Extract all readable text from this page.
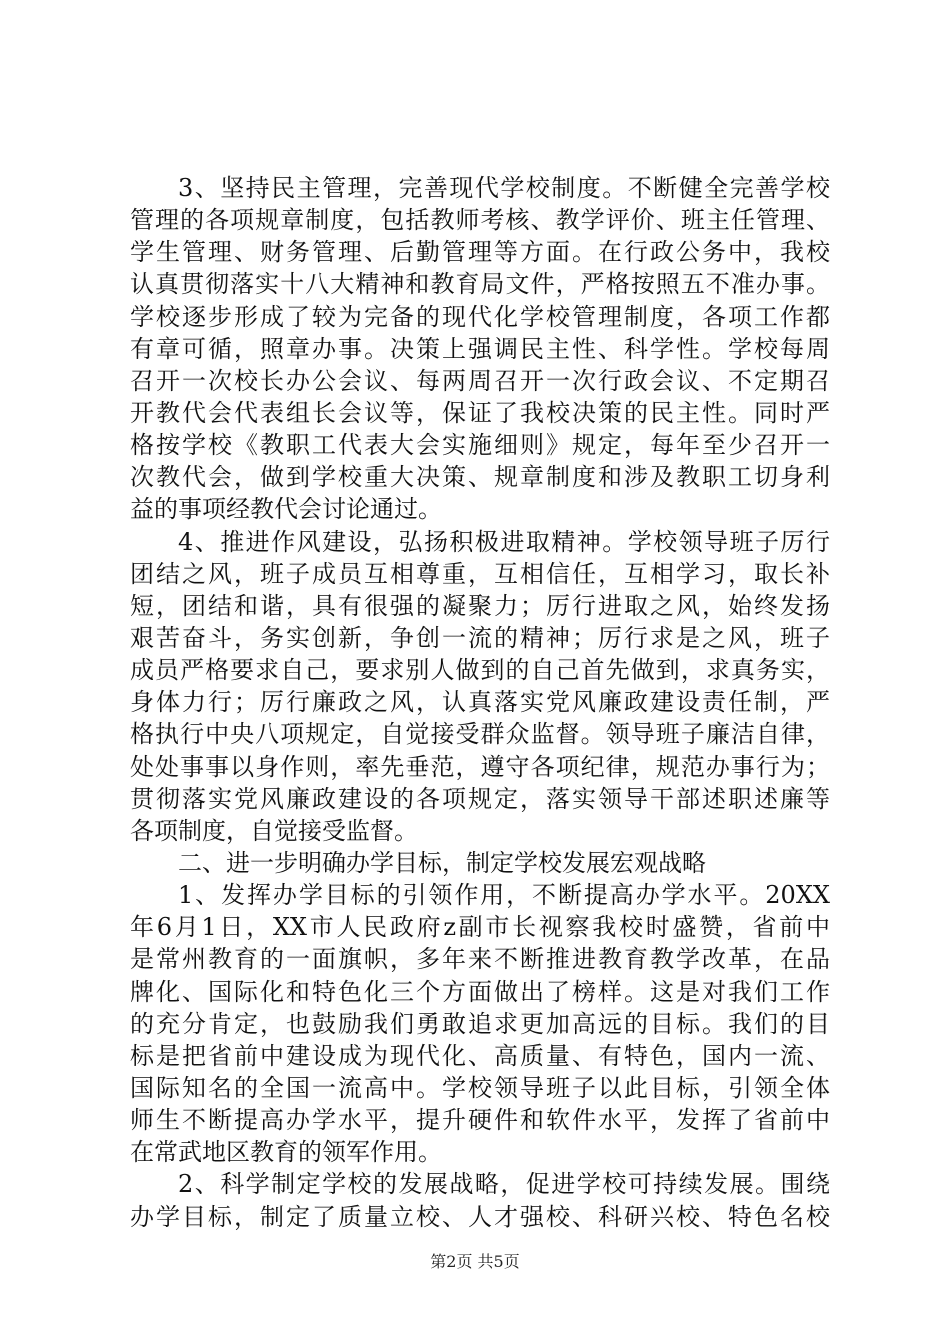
3、坚持民主管理，完善现代学校制度。不断健全完善学校
管理的各项规章制度，包括教师考核、教学评价、班主任管理、
学生管理、财务管理、后勤管理等方面。在行政公务中，我校
认真贯彻落实十八大精神和教育局文件，严格按照五不准办事。
学校逐步形成了较为完备的现代化学校管理制度，各项工作都
有章可循，照章办事。决策上强调民主性、科学性。学校每周
召开一次校长办公会议、每两周召开一次行政会议、不定期召
开教代会代表组长会议等，保证了我校决策的民主性。同时严
格按学校《教职工代表大会实施细则》规定，每年至少召开一
次教代会，做到学校重大决策、规章制度和涉及教职工切身利
益的事项经教代会讨论通过。
4、推进作风建设，弘扬积极进取精神。学校领导班子厉行
团结之风，班子成员互相尊重，互相信任，互相学习，取长补
短，团结和谐，具有很强的凝聚力；厉行进取之风，始终发扬
艰苦奋斗，务实创新，争创一流的精神；厉行求是之风，班子
成员严格要求自己，要求别人做到的自己首先做到，求真务实，
身体力行；厉行廉政之风，认真落实党风廉政建设责任制，严
格执行中央八项规定，自觉接受群众监督。领导班子廉洁自律，
处处事事以身作则，率先垂范，遵守各项纪律，规范办事行为；
贯彻落实党风廉政建设的各项规定，落实领导干部述职述廉等
各项制度，自觉接受监督。
二、进一步明确办学目标，制定学校发展宏观战略
1、发挥办学目标的引领作用，不断提高办学水平。20XX
年6月1日，XX市人民政府z副市长视察我校时盛赞，省前中
是常州教育的一面旗帜，多年来不断推进教育教学改革，在品
牌化、国际化和特色化三个方面做出了榜样。这是对我们工作
的充分肯定，也鼓励我们勇敢追求更加高远的目标。我们的目
标是把省前中建设成为现代化、高质量、有特色，国内一流、
国际知名的全国一流高中。学校领导班子以此目标，引领全体
师生不断提高办学水平，提升硬件和软件水平，发挥了省前中
在常武地区教育的领军作用。
2、科学制定学校的发展战略，促进学校可持续发展。围绕
办学目标，制定了质量立校、人才强校、科研兴校、特色名校
第2页 共5页
